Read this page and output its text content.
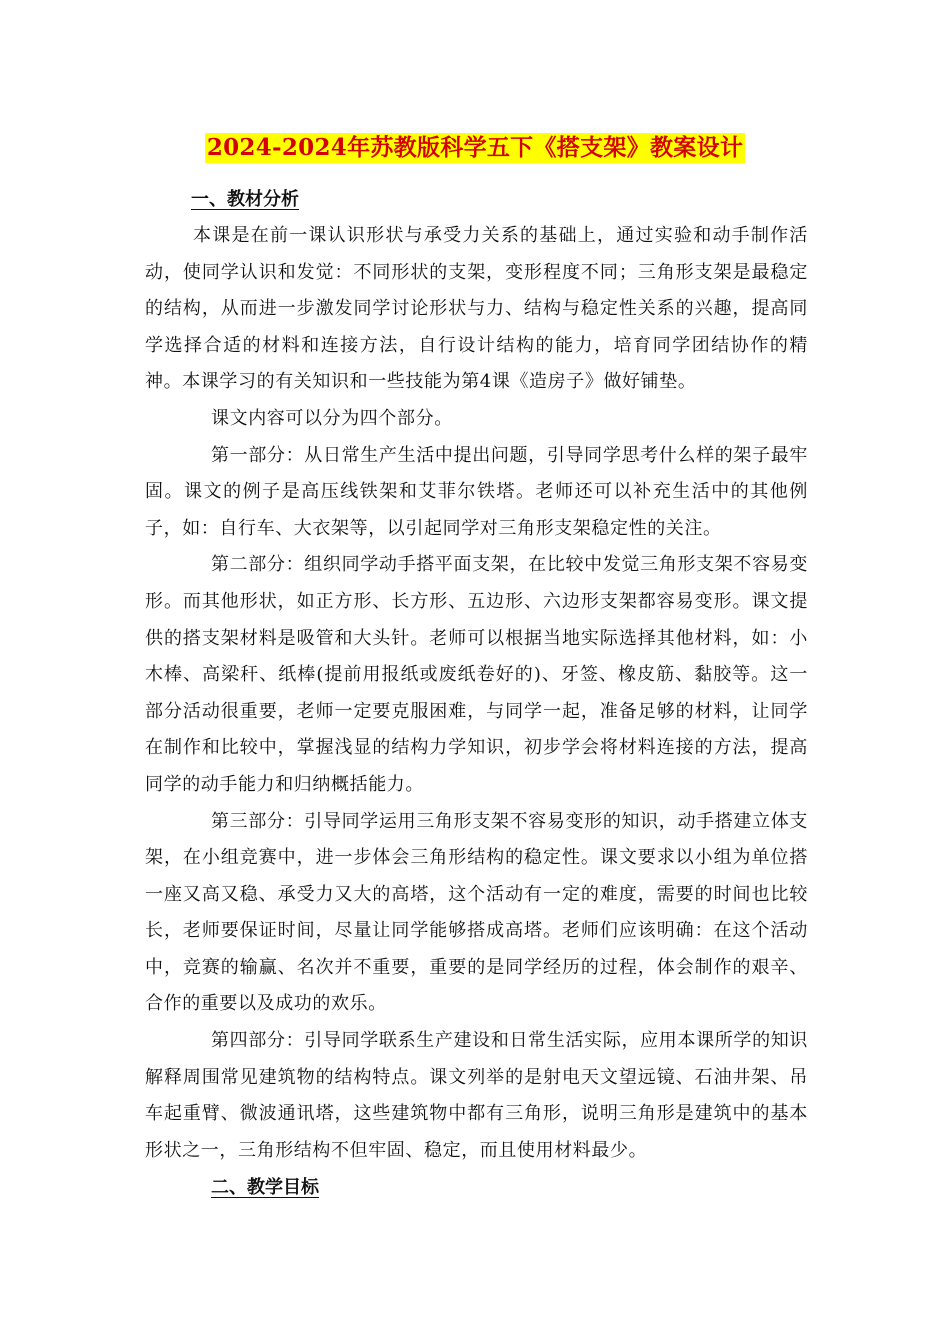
2024-2024年苏教版科学五下《搭支架》教案设计
一、教材分析

本课是在前一课认识形状与承受力关系的基础上，通过实验和动手制作活动，使同学认识和发觉：不同形状的支架，变形程度不同；三角形支架是最稳定的结构，从而进一步激发同学讨论形状与力、结构与稳定性关系的兴趣，提高同学选择合适的材料和连接方法，自行设计结构的能力，培育同学团结协作的精神。本课学习的有关知识和一些技能为第4课《造房子》做好铺垫。

课文内容可以分为四个部分。

第一部分：从日常生产生活中提出问题，引导同学思考什么样的架子最牢固。课文的例子是高压线铁架和艾菲尔铁塔。老师还可以补充生活中的其他例子，如：自行车、大衣架等，以引起同学对三角形支架稳定性的关注。

第二部分：组织同学动手搭平面支架，在比较中发觉三角形支架不容易变形。而其他形状，如正方形、长方形、五边形、六边形支架都容易变形。课文提供的搭支架材料是吸管和大头针。老师可以根据当地实际选择其他材料，如：小木棒、高梁秆、纸棒(提前用报纸或废纸卷好的)、牙签、橡皮筋、黏胶等。这一部分活动很重要，老师一定要克服困难，与同学一起，准备足够的材料，让同学在制作和比较中，掌握浅显的结构力学知识，初步学会将材料连接的方法，提高同学的动手能力和归纳概括能力。

第三部分：引导同学运用三角形支架不容易变形的知识，动手搭建立体支架，在小组竞赛中，进一步体会三角形结构的稳定性。课文要求以小组为单位搭一座又高又稳、承受力又大的高塔，这个活动有一定的难度，需要的时间也比较长，老师要保证时间，尽量让同学能够搭成高塔。老师们应该明确：在这个活动中，竞赛的输赢、名次并不重要，重要的是同学经历的过程，体会制作的艰辛、合作的重要以及成功的欢乐。

第四部分：引导同学联系生产建设和日常生活实际，应用本课所学的知识解释周围常见建筑物的结构特点。课文列举的是射电天文望远镜、石油井架、吊车起重臂、微波通讯塔，这些建筑物中都有三角形，说明三角形是建筑中的基本形状之一，三角形结构不但牢固、稳定，而且使用材料最少。

二、教学目标
